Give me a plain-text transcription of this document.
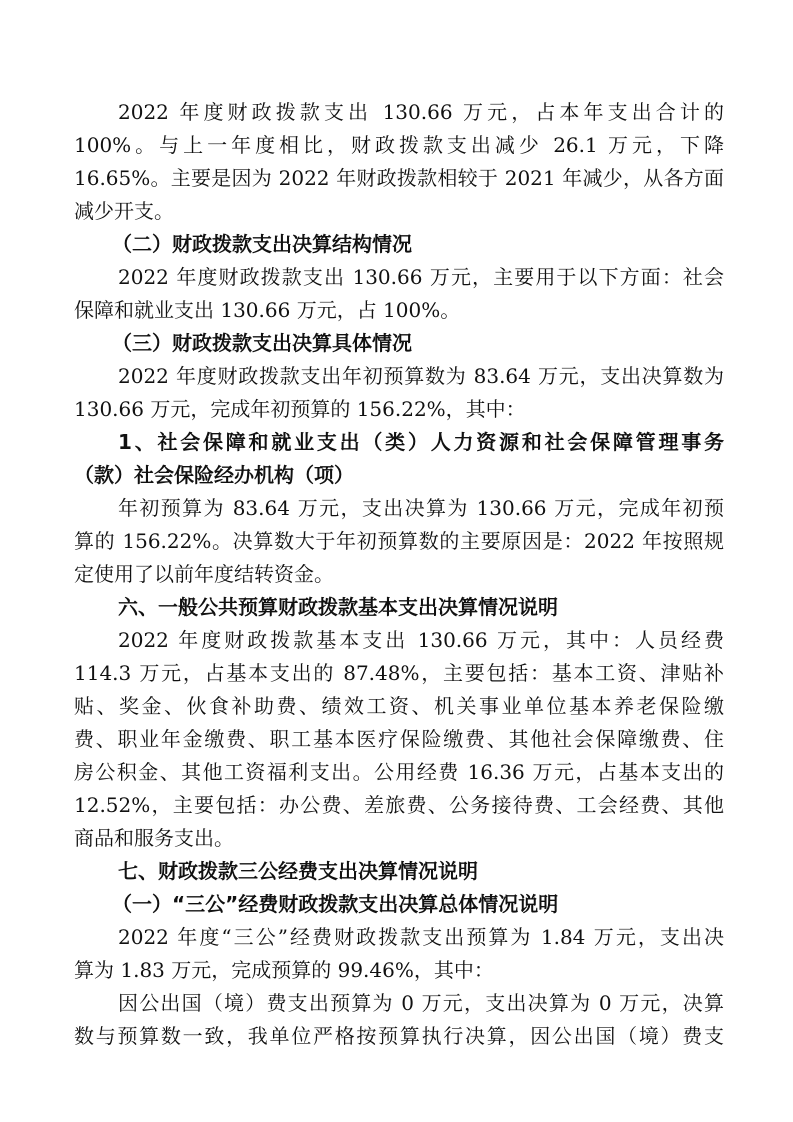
2022 年度财政拨款支出 130.66 万元，占本年支出合计的
100%。与上一年度相比，财政拨款支出减少 26.1 万元，下降
16.65%。主要是因为 2022 年财政拨款相较于 2021 年减少，从各方面
减少开支。
（二）财政拨款支出决算结构情况
2022 年度财政拨款支出 130.66 万元，主要用于以下方面：社会
保障和就业支出 130.66 万元，占 100%。
（三）财政拨款支出决算具体情况
2022 年度财政拨款支出年初预算数为 83.64 万元，支出决算数为
130.66 万元，完成年初预算的 156.22%，其中：
1、社会保障和就业支出（类）人力资源和社会保障管理事务
（款）社会保险经办机构（项）
年初预算为 83.64 万元，支出决算为 130.66 万元，完成年初预
算的 156.22%。决算数大于年初预算数的主要原因是：2022 年按照规
定使用了以前年度结转资金。
六、一般公共预算财政拨款基本支出决算情况说明
2022 年度财政拨款基本支出 130.66 万元，其中：人员经费
114.3 万元，占基本支出的 87.48%，主要包括：基本工资、津贴补
贴、奖金、伙食补助费、绩效工资、机关事业单位基本养老保险缴
费、职业年金缴费、职工基本医疗保险缴费、其他社会保障缴费、住
房公积金、其他工资福利支出。公用经费 16.36 万元，占基本支出的
12.52%，主要包括：办公费、差旅费、公务接待费、工会经费、其他
商品和服务支出。
七、财政拨款三公经费支出决算情况说明
（一）“三公”经费财政拨款支出决算总体情况说明
2022 年度“三公”经费财政拨款支出预算为 1.84 万元，支出决
算为 1.83 万元，完成预算的 99.46%，其中：
因公出国（境）费支出预算为 0 万元，支出决算为 0 万元，决算
数与预算数一致，我单位严格按预算执行决算，因公出国（境）费支
